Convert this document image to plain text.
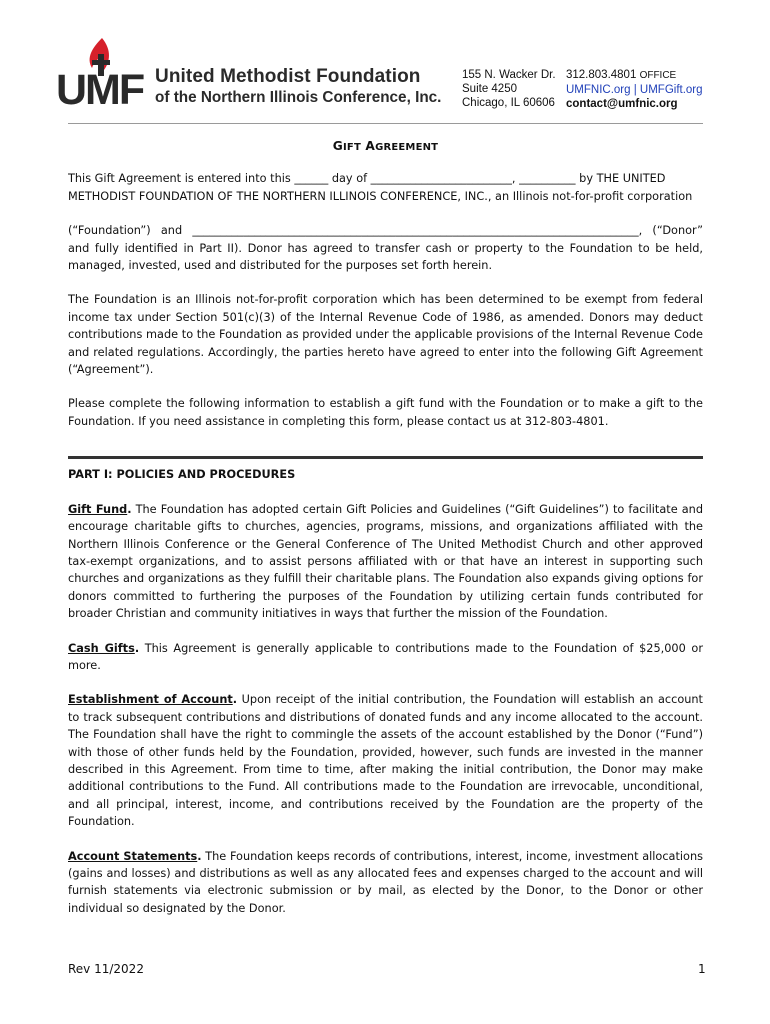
UMF United Methodist Foundation
of the Northern Illinois Conference, Inc.
155 N. Wacker Dr.
Suite 4250
Chicago, IL 60606
312.803.4801 OFFICE
UMFNIC.org | UMFGift.org
contact@umfnic.org
GIFT AGREEMENT
This Gift Agreement is entered into this ______ day of _________________________, __________ by THE UNITED
METHODIST FOUNDATION OF THE NORTHERN ILLINOIS CONFERENCE, INC., an Illinois not-for-profit corporation

(“Foundation”) and _______________________________________________________________________________, (“Donor” and fully identified in Part II). Donor has agreed to transfer cash or property to the Foundation to be held, managed, invested, used and distributed for the purposes set forth herein.

The Foundation is an Illinois not-for-profit corporation which has been determined to be exempt from federal income tax under Section 501(c)(3) of the Internal Revenue Code of 1986, as amended. Donors may deduct contributions made to the Foundation as provided under the applicable provisions of the Internal Revenue Code and related regulations. Accordingly, the parties hereto have agreed to enter into the following Gift Agreement (“Agreement”).

Please complete the following information to establish a gift fund with the Foundation or to make a gift to the Foundation. If you need assistance in completing this form, please contact us at 312-803-4801.

PART I: POLICIES AND PROCEDURES

Gift Fund. The Foundation has adopted certain Gift Policies and Guidelines (“Gift Guidelines”) to facilitate and encourage charitable gifts to churches, agencies, programs, missions, and organizations affiliated with the Northern Illinois Conference or the General Conference of The United Methodist Church and other approved tax-exempt organizations, and to assist persons affiliated with or that have an interest in supporting such churches and organizations as they fulfill their charitable plans. The Foundation also expands giving options for donors committed to furthering the purposes of the Foundation by utilizing certain funds contributed for broader Christian and community initiatives in ways that further the mission of the Foundation.

Cash Gifts. This Agreement is generally applicable to contributions made to the Foundation of $25,000 or more.

Establishment of Account. Upon receipt of the initial contribution, the Foundation will establish an account to track subsequent contributions and distributions of donated funds and any income allocated to the account. The Foundation shall have the right to commingle the assets of the account established by the Donor (“Fund”) with those of other funds held by the Foundation, provided, however, such funds are invested in the manner described in this Agreement. From time to time, after making the initial contribution, the Donor may make additional contributions to the Fund. All contributions made to the Foundation are irrevocable, unconditional, and all principal, interest, income, and contributions received by the Foundation are the property of the Foundation.

Account Statements. The Foundation keeps records of contributions, interest, income, investment allocations (gains and losses) and distributions as well as any allocated fees and expenses charged to the account and will furnish statements via electronic submission or by mail, as elected by the Donor, to the Donor or other individual so designated by the Donor.

Rev 11/2022	1
